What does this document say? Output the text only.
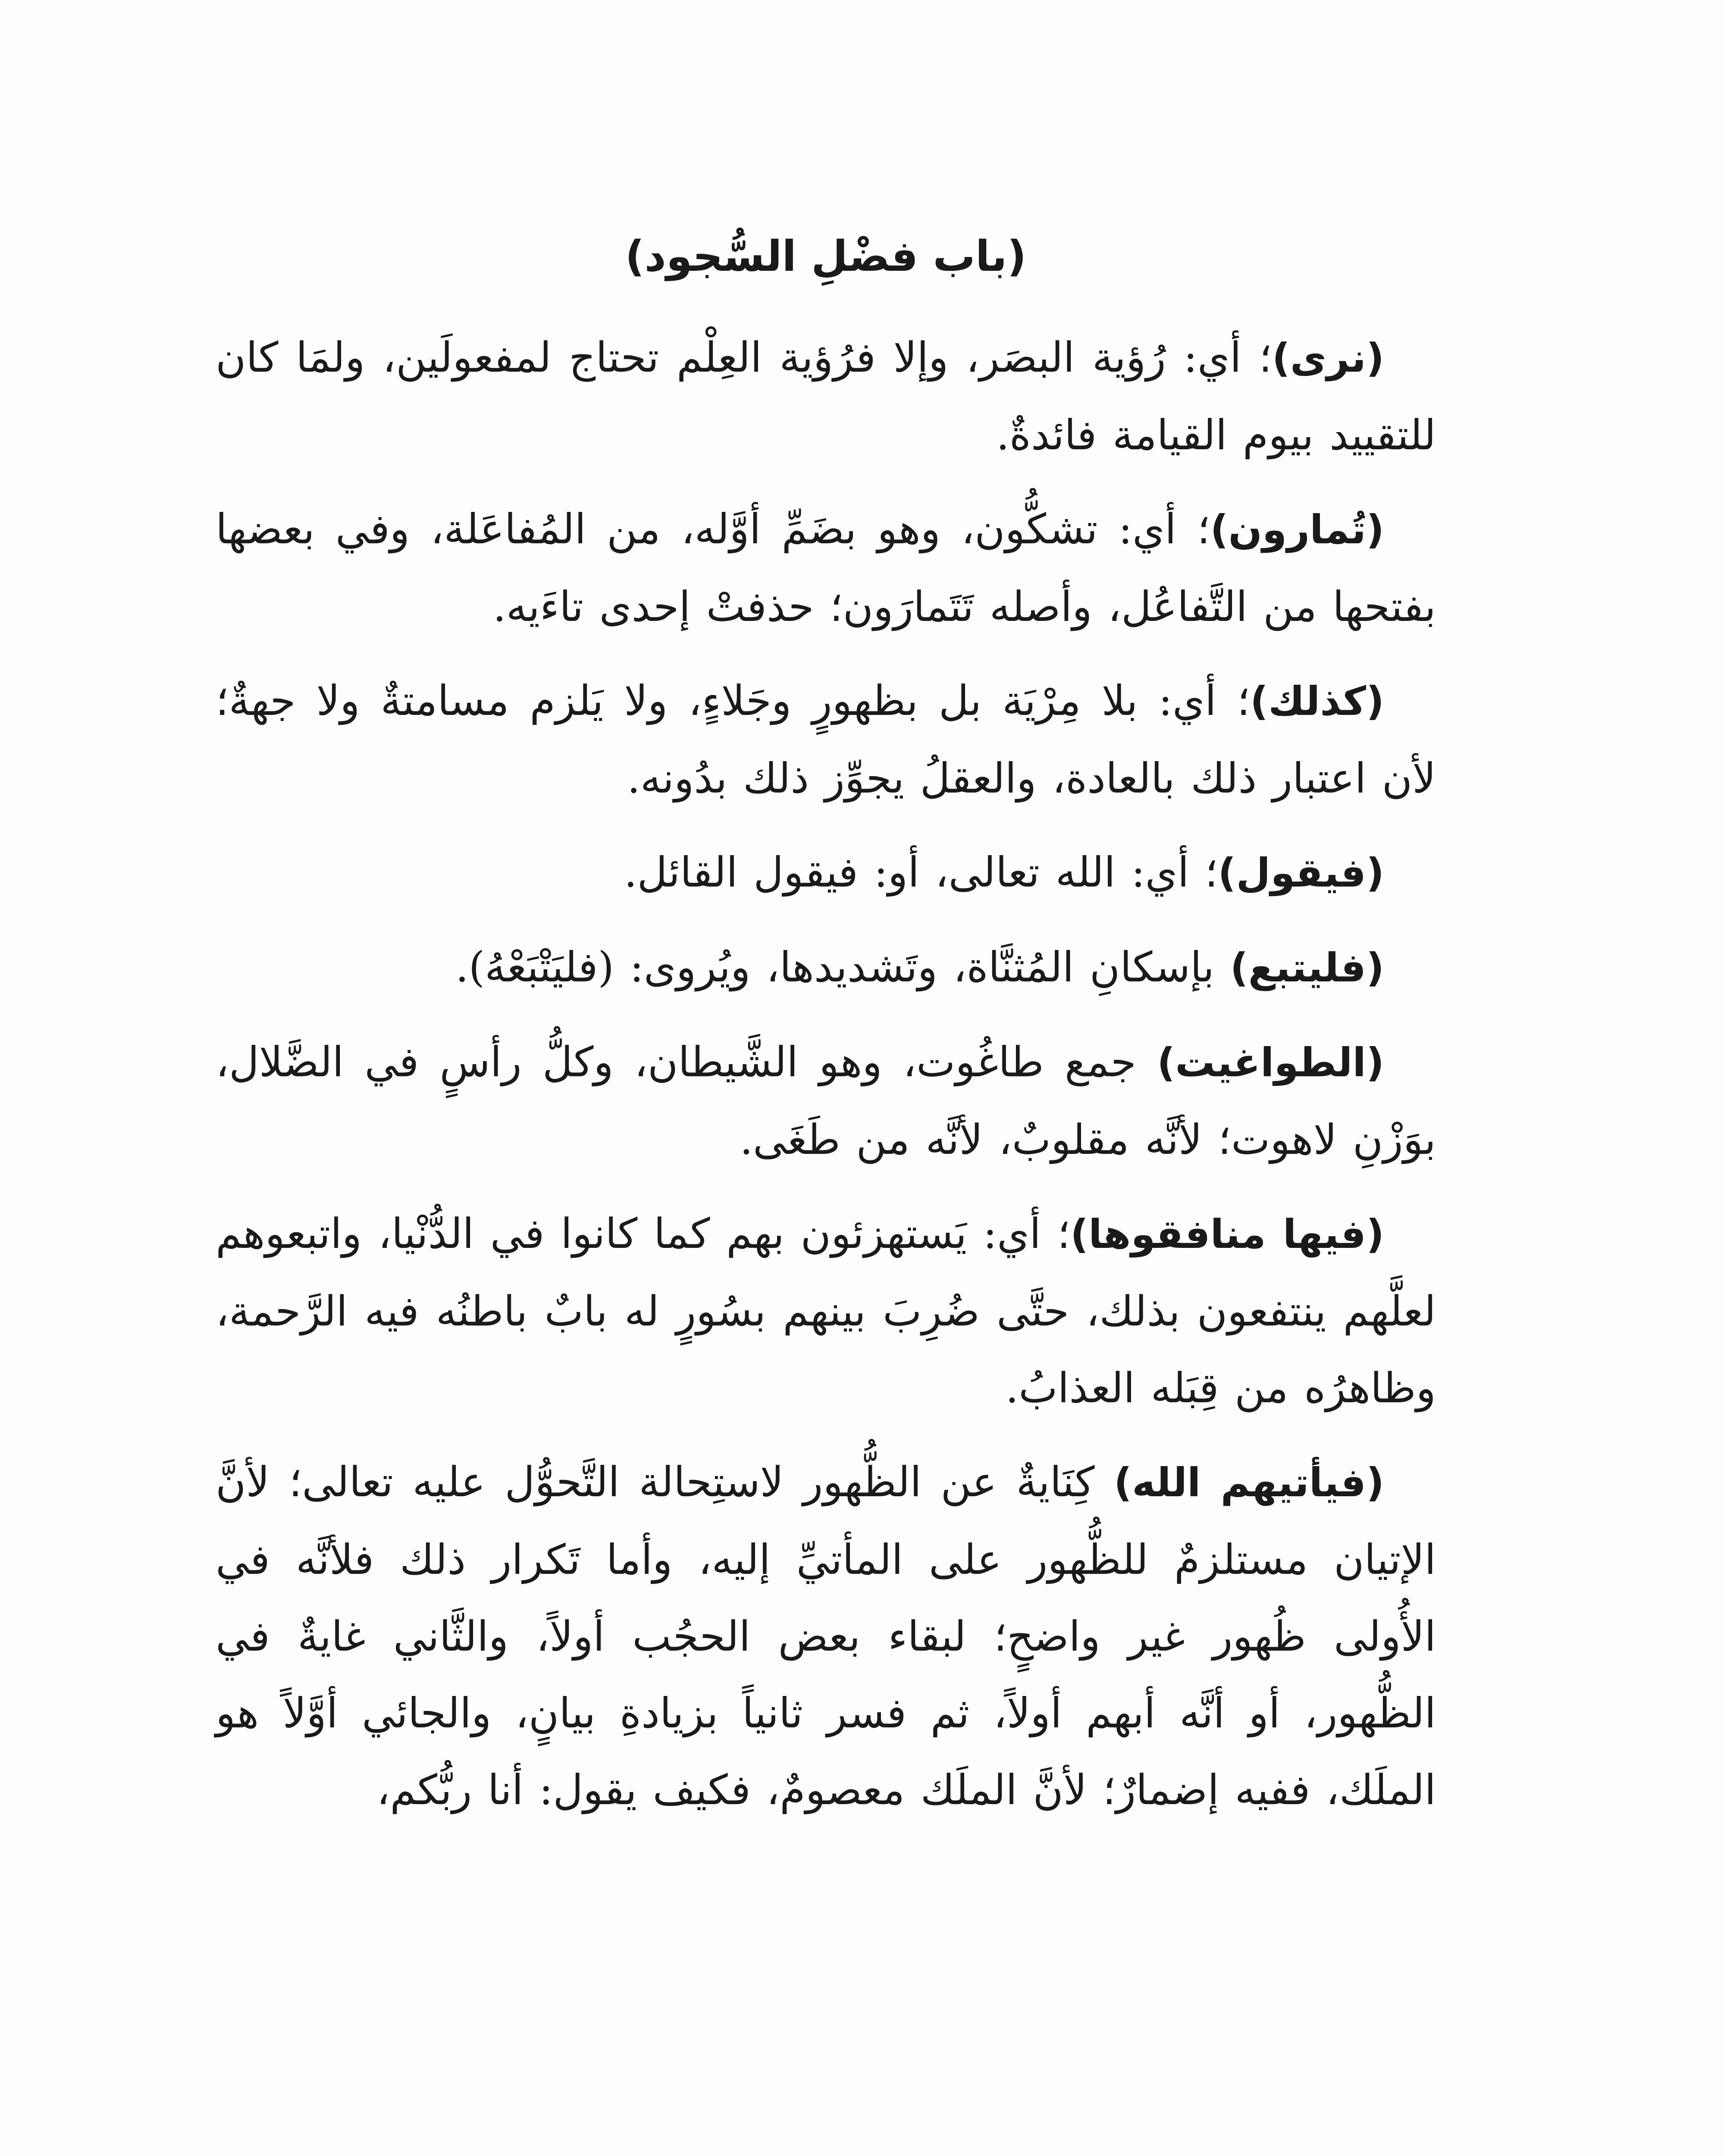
(باب فضْلِ السُّجود)

(نرى)؛ أي: رُؤية البصَر، وإلا فرُؤية العِلْم تحتاج لمفعولَين، ولمَا كان للتقييد بيوم القيامة فائدةٌ.

(تُمارون)؛ أي: تشكُّون، وهو بضَمِّ أوَّله، من المُفاعَلة، وفي بعضها بفتحها من التَّفاعُل، وأصله تَتَمارَون؛ حذفتْ إحدى تاءَيه.

(كذلك)؛ أي: بلا مِرْيَة بل بظهورٍ وجَلاءٍ، ولا يَلزم مسامتةٌ ولا جهةٌ؛ لأن اعتبار ذلك بالعادة، والعقلُ يجوِّز ذلك بدُونه.

(فيقول)؛ أي: الله تعالى، أو: فيقول القائل.

(فليتبع) بإسكانِ المُثنَّاة، وتَشديدها، ويُروى: (فليَتْبَعْهُ).

(الطواغيت) جمع طاغُوت، وهو الشَّيطان، وكلُّ رأسٍ في الضَّلال، بوَزْنِ لاهوت؛ لأنَّه مقلوبٌ، لأنَّه من طَغَى.

(فيها منافقوها)؛ أي: يَستهزئون بهم كما كانوا في الدُّنْيا، واتبعوهم لعلَّهم ينتفعون بذلك، حتَّى ضُرِبَ بينهم بسُورٍ له بابٌ باطنُه فيه الرَّحمة، وظاهرُه من قِبَله العذابُ.

(فيأتيهم الله) كِنَايةٌ عن الظُّهور لاستِحالة التَّحوُّل عليه تعالى؛ لأنَّ الإتيان مستلزمٌ للظُّهور على المأتيِّ إليه، وأما تَكرار ذلك فلأنَّه في الأُولى ظُهور غير واضحٍ؛ لبقاء بعض الحجُب أولاً، والثَّاني غايةٌ في الظُّهور، أو أنَّه أبهم أولاً، ثم فسر ثانياً بزيادةِ بيانٍ، والجائي أوَّلاً هو الملَك، ففيه إضمارٌ؛ لأنَّ الملَك معصومٌ، فكيف يقول: أنا ربُّكم،
